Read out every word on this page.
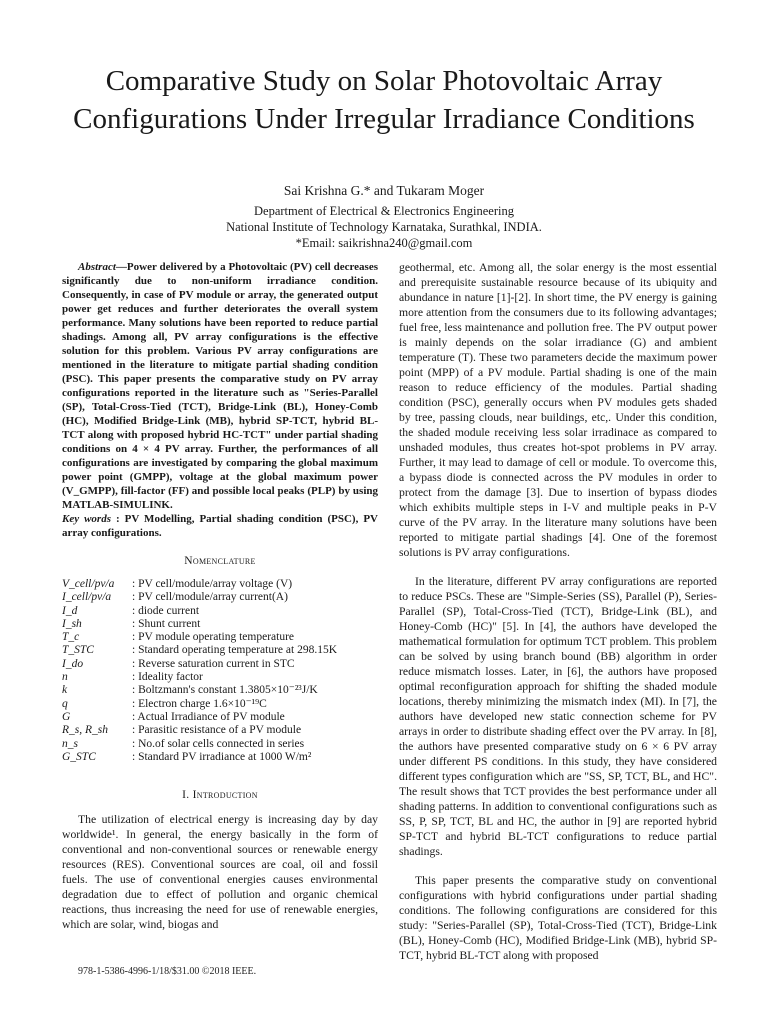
Comparative Study on Solar Photovoltaic Array
Configurations Under Irregular Irradiance Conditions
Sai Krishna G.* and Tukaram Moger
Department of Electrical & Electronics Engineering
National Institute of Technology Karnataka, Surathkal, INDIA.
*Email: saikrishna240@gmail.com

Abstract—Power delivered by a Photovoltaic (PV) cell decreases significantly due to non-uniform irradiance condition. Consequently, in case of PV module or array, the generated output power get reduces and further deteriorates the overall system performance. Many solutions have been reported to reduce partial shadings. Among all, PV array configurations is the effective solution for this problem. Various PV array configurations are mentioned in the literature to mitigate partial shading condition (PSC). This paper presents the comparative study on PV array configurations reported in the literature such as "Series-Parallel (SP), Total-Cross-Tied (TCT), Bridge-Link (BL), Honey-Comb (HC), Modified Bridge-Link (MB), hybrid SP-TCT, hybrid BL-TCT along with proposed hybrid HC-TCT" under partial shading conditions on 4 × 4 PV array. Further, the performances of all configurations are investigated by comparing the global maximum power point (GMPP), voltage at the global maximum power (V_GMPP), fill-factor (FF) and possible local peaks (PLP) by using MATLAB-SIMULINK.

Key words : PV Modelling, Partial shading condition (PSC), PV array configurations.

Nomenclature
V_cell/pv/a	: PV cell/module/array voltage (V)
I_cell/pv/a	: PV cell/module/array current(A)
I_d	: diode current
I_sh	: Shunt current
T_c	: PV module operating temperature
T_STC	: Standard operating temperature at 298.15K
I_do	: Reverse saturation current in STC
n	: Ideality factor
k	: Boltzmann's constant 1.3805×10⁻²³J/K
q	: Electron charge 1.6×10⁻¹⁹C
G	: Actual Irradiance of PV module
R_s, R_sh	: Parasitic resistance of a PV module
n_s	: No.of solar cells connected in series
G_STC	: Standard PV irradiance at 1000 W/m²
I. Introduction

The utilization of electrical energy is increasing day by day worldwide¹. In general, the energy basically in the form of conventional and non-conventional sources or renewable energy resources (RES). Conventional sources are coal, oil and fossil fuels. The use of conventional energies causes environmental degradation due to effect of pollution and organic chemical reactions, thus increasing the need for use of renewable energies, which are solar, wind, biogas and

geothermal, etc. Among all, the solar energy is the most essential and prerequisite sustainable resource because of its ubiquity and abundance in nature [1]-[2]. In short time, the PV energy is gaining more attention from the consumers due to its following advantages; fuel free, less maintenance and pollution free. The PV output power is mainly depends on the solar irradiance (G) and ambient temperature (T). These two parameters decide the maximum power point (MPP) of a PV module. Partial shading is one of the main reason to reduce efficiency of the modules. Partial shading condition (PSC), generally occurs when PV modules gets shaded by tree, passing clouds, near buildings, etc,. Under this condition, the shaded module receiving less solar irradinace as compared to unshaded modules, thus creates hot-spot problems in PV array. Further, it may lead to damage of cell or module. To overcome this, a bypass diode is connected across the PV modules in order to protect from the damage [3]. Due to insertion of bypass diodes which exhibits multiple steps in I-V and multiple peaks in P-V curve of the PV array. In the literature many solutions have been reported to mitigate partial shadings [4]. One of the foremost solutions is PV array configurations.

In the literature, different PV array configurations are reported to reduce PSCs. These are "Simple-Series (SS), Parallel (P), Series-Parallel (SP), Total-Cross-Tied (TCT), Bridge-Link (BL), and Honey-Comb (HC)" [5]. In [4], the authors have developed the mathematical formulation for optimum TCT problem. This problem can be solved by using branch bound (BB) algorithm in order reduce mismatch losses. Later, in [6], the authors have proposed optimal reconfiguration approach for shifting the shaded module locations, thereby minimizing the mismatch index (MI). In [7], the authors have developed new static connection scheme for PV arrays in order to distribute shading effect over the PV array. In [8], the authors have presented comparative study on 6 × 6 PV array under different PS conditions. In this study, they have considered different types configuration which are "SS, SP, TCT, BL, and HC". The result shows that TCT provides the best performance under all shading patterns. In addition to conventional configurations such as SS, P, SP, TCT, BL and HC, the author in [9] are reported hybrid SP-TCT and hybrid BL-TCT configurations to reduce partial shadings.

This paper presents the comparative study on conventional configurations with hybrid configurations under partial shading conditions. The following configurations are considered for this study: "Series-Parallel (SP), Total-Cross-Tied (TCT), Bridge-Link (BL), Honey-Comb (HC), Modified Bridge-Link (MB), hybrid SP-TCT, hybrid BL-TCT along with proposed

978-1-5386-4996-1/18/$31.00 ©2018 IEEE.
